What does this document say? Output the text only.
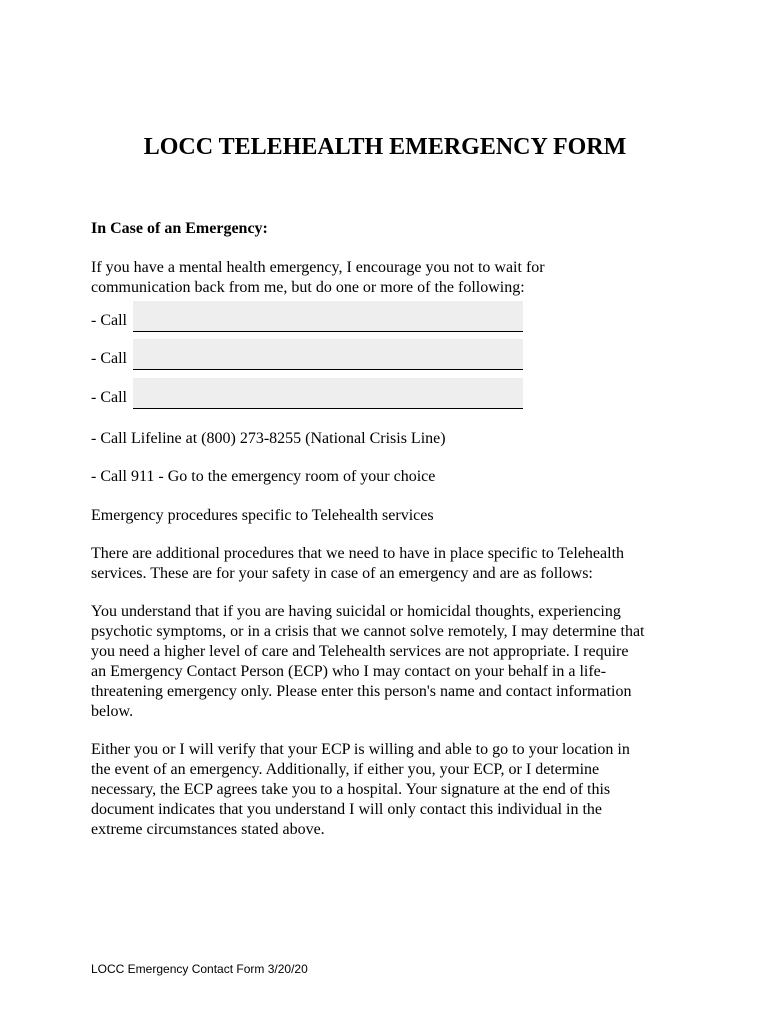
LOCC TELEHEALTH EMERGENCY FORM

In Case of an Emergency:

If you have a mental health emergency, I encourage you not to wait for
communication back from me, but do one or more of the following:

- Call
- Call
- Call

- Call Lifeline at (800) 273-8255 (National Crisis Line)

- Call 911 - Go to the emergency room of your choice

Emergency procedures specific to Telehealth services

There are additional procedures that we need to have in place specific to Telehealth
services. These are for your safety in case of an emergency and are as follows:

You understand that if you are having suicidal or homicidal thoughts, experiencing
psychotic symptoms, or in a crisis that we cannot solve remotely, I may determine that
you need a higher level of care and Telehealth services are not appropriate. I require
an Emergency Contact Person (ECP) who I may contact on your behalf in a life-
threatening emergency only. Please enter this person's name and contact information
below.

Either you or I will verify that your ECP is willing and able to go to your location in
the event of an emergency. Additionally, if either you, your ECP, or I determine
necessary, the ECP agrees take you to a hospital. Your signature at the end of this
document indicates that you understand I will only contact this individual in the
extreme circumstances stated above.

LOCC Emergency Contact Form 3/20/20
